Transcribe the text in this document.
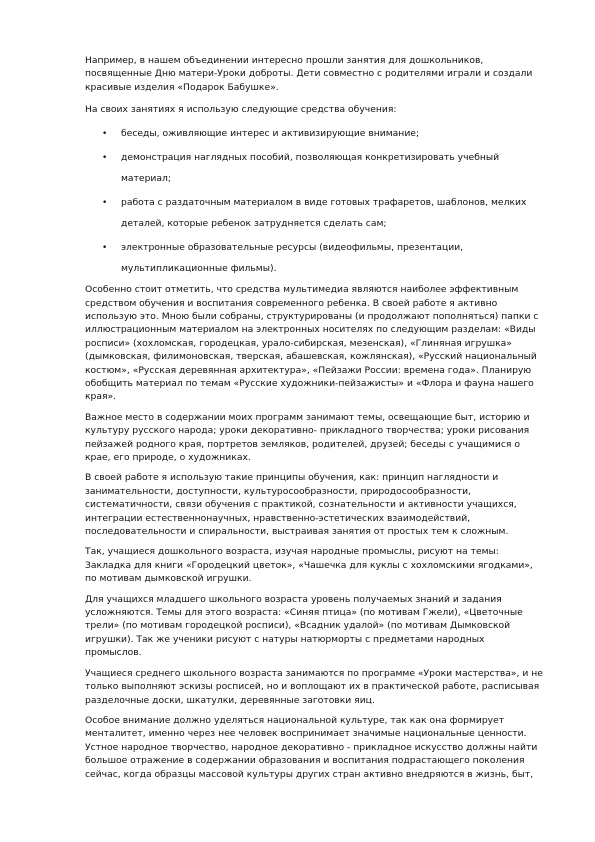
Например, в нашем объединении интересно прошли занятия для дошкольников, посвященные Дню матери-Уроки доброты. Дети совместно с родителями играли и создали красивые изделия «Подарок Бабушке».

На своих занятиях я использую следующие средства обучения:

• беседы, оживляющие интерес и активизирующие внимание;
• демонстрация наглядных пособий, позволяющая конкретизировать учебный материал;
• работа с раздаточным материалом в виде готовых трафаретов, шаблонов, мелких деталей, которые ребенок затрудняется сделать сам;
• электронные образовательные ресурсы (видеофильмы, презентации, мультипликационные фильмы).

Особенно стоит отметить, что средства мультимедиа являются наиболее эффективным средством обучения и воспитания современного ребенка. В своей работе я активно использую это. Мною были собраны, структурированы (и продолжают пополняться) папки с иллюстрационным материалом на электронных носителях по следующим разделам: «Виды росписи» (хохломская, городецкая, урало-сибирская, мезенская), «Глиняная игрушка» (дымковская, филимоновская, тверская, абашевская, кожлянская), «Русский национальный костюм», «Русская деревянная архитектура», «Пейзажи России: времена года». Планирую обобщить материал по темам «Русские художники-пейзажисты» и «Флора и фауна нашего края».

Важное место в содержании моих программ занимают темы, освещающие быт, историю и культуру русского народа; уроки декоративно- прикладного творчества; уроки рисования пейзажей родного края, портретов земляков, родителей, друзей; беседы с учащимися о крае, его природе, о художниках.

В своей работе я использую такие принципы обучения, как: принцип наглядности и занимательности, доступности, культуросообразности, природосообразности, систематичности, связи обучения с практикой, сознательности и активности учащихся, интеграции естественнонаучных, нравственно-эстетических взаимодействий, последовательности и спиральности, выстраивая занятия от простых тем к сложным.

Так, учащиеся дошкольного возраста, изучая народные промыслы, рисуют на темы: Закладка для книги «Городецкий цветок», «Чашечка для куклы с хохломскими ягодками», по мотивам дымковской игрушки.

Для учащихся младшего школьного возраста уровень получаемых знаний и задания усложняются. Темы для этого возраста: «Синяя птица» (по мотивам Гжели), «Цветочные трели» (по мотивам городецкой росписи), «Всадник удалой» (по мотивам Дымковской игрушки). Так же ученики рисуют с натуры натюрморты с предметами народных промыслов.

Учащиеся среднего школьного возраста занимаются по программе «Уроки мастерства», и не только выполняют эскизы росписей, но и воплощают их в практической работе, расписывая разделочные доски, шкатулки, деревянные заготовки яиц.

Особое внимание должно уделяться национальной культуре, так как она формирует менталитет, именно через нее человек воспринимает значимые национальные ценности. Устное народное творчество, народное декоративно - прикладное искусство должны найти большое отражение в содержании образования и воспитания подрастающего поколения сейчас, когда образцы массовой культуры других стран активно внедряются в жизнь, быт,
